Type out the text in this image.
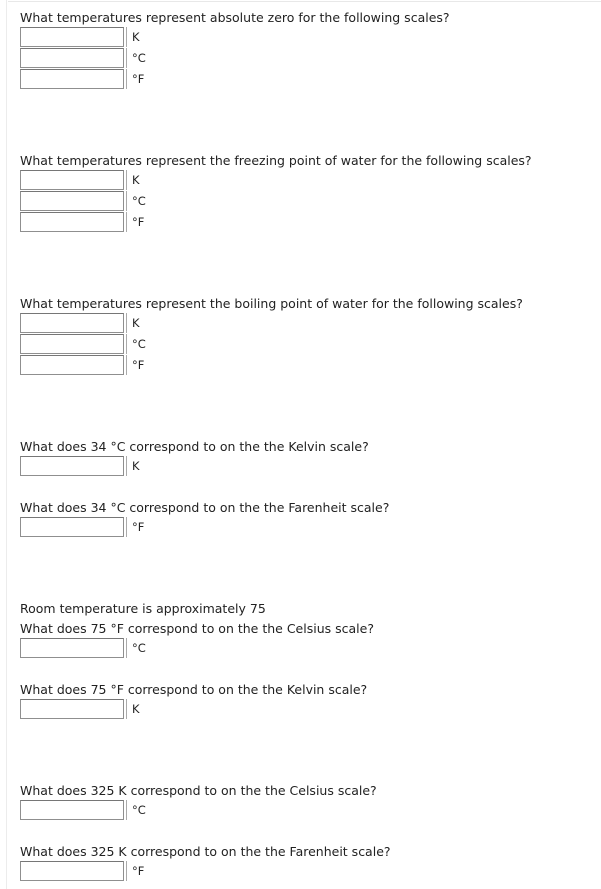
What temperatures represent absolute zero for the following scales?
K
°C
°F
What temperatures represent the freezing point of water for the following scales?
K
°C
°F
What temperatures represent the boiling point of water for the following scales?
K
°C
°F
What does 34 °C correspond to on the the Kelvin scale?
K
What does 34 °C correspond to on the the Farenheit scale?
°F
Room temperature is approximately 75
What does 75 °F correspond to on the the Celsius scale?
°C
What does 75 °F correspond to on the the Kelvin scale?
K
What does 325 K correspond to on the the Celsius scale?
°C
What does 325 K correspond to on the the Farenheit scale?
°F
